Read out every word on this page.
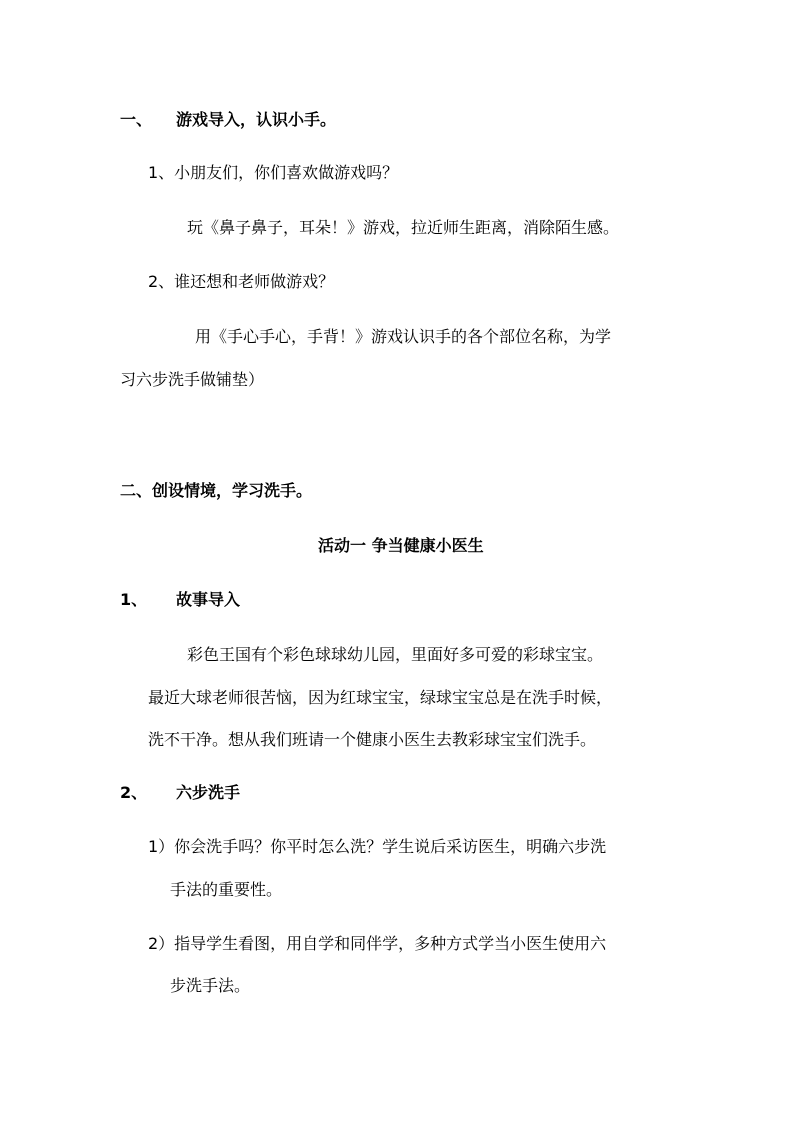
一、 游戏导入，认识小手。
1、小朋友们，你们喜欢做游戏吗？
玩《鼻子鼻子，耳朵！》游戏，拉近师生距离，消除陌生感。
2、谁还想和老师做游戏？
用《手心手心，手背！》游戏认识手的各个部位名称，为学
习六步洗手做铺垫）
二、创设情境，学习洗手。
活动一 争当健康小医生
1、 故事导入
彩色王国有个彩色球球幼儿园，里面好多可爱的彩球宝宝。
最近大球老师很苦恼，因为红球宝宝，绿球宝宝总是在洗手时候，
洗不干净。想从我们班请一个健康小医生去教彩球宝宝们洗手。
2、 六步洗手
1）你会洗手吗？你平时怎么洗？学生说后采访医生，明确六步洗
手法的重要性。
2）指导学生看图，用自学和同伴学，多种方式学当小医生使用六
步洗手法。
